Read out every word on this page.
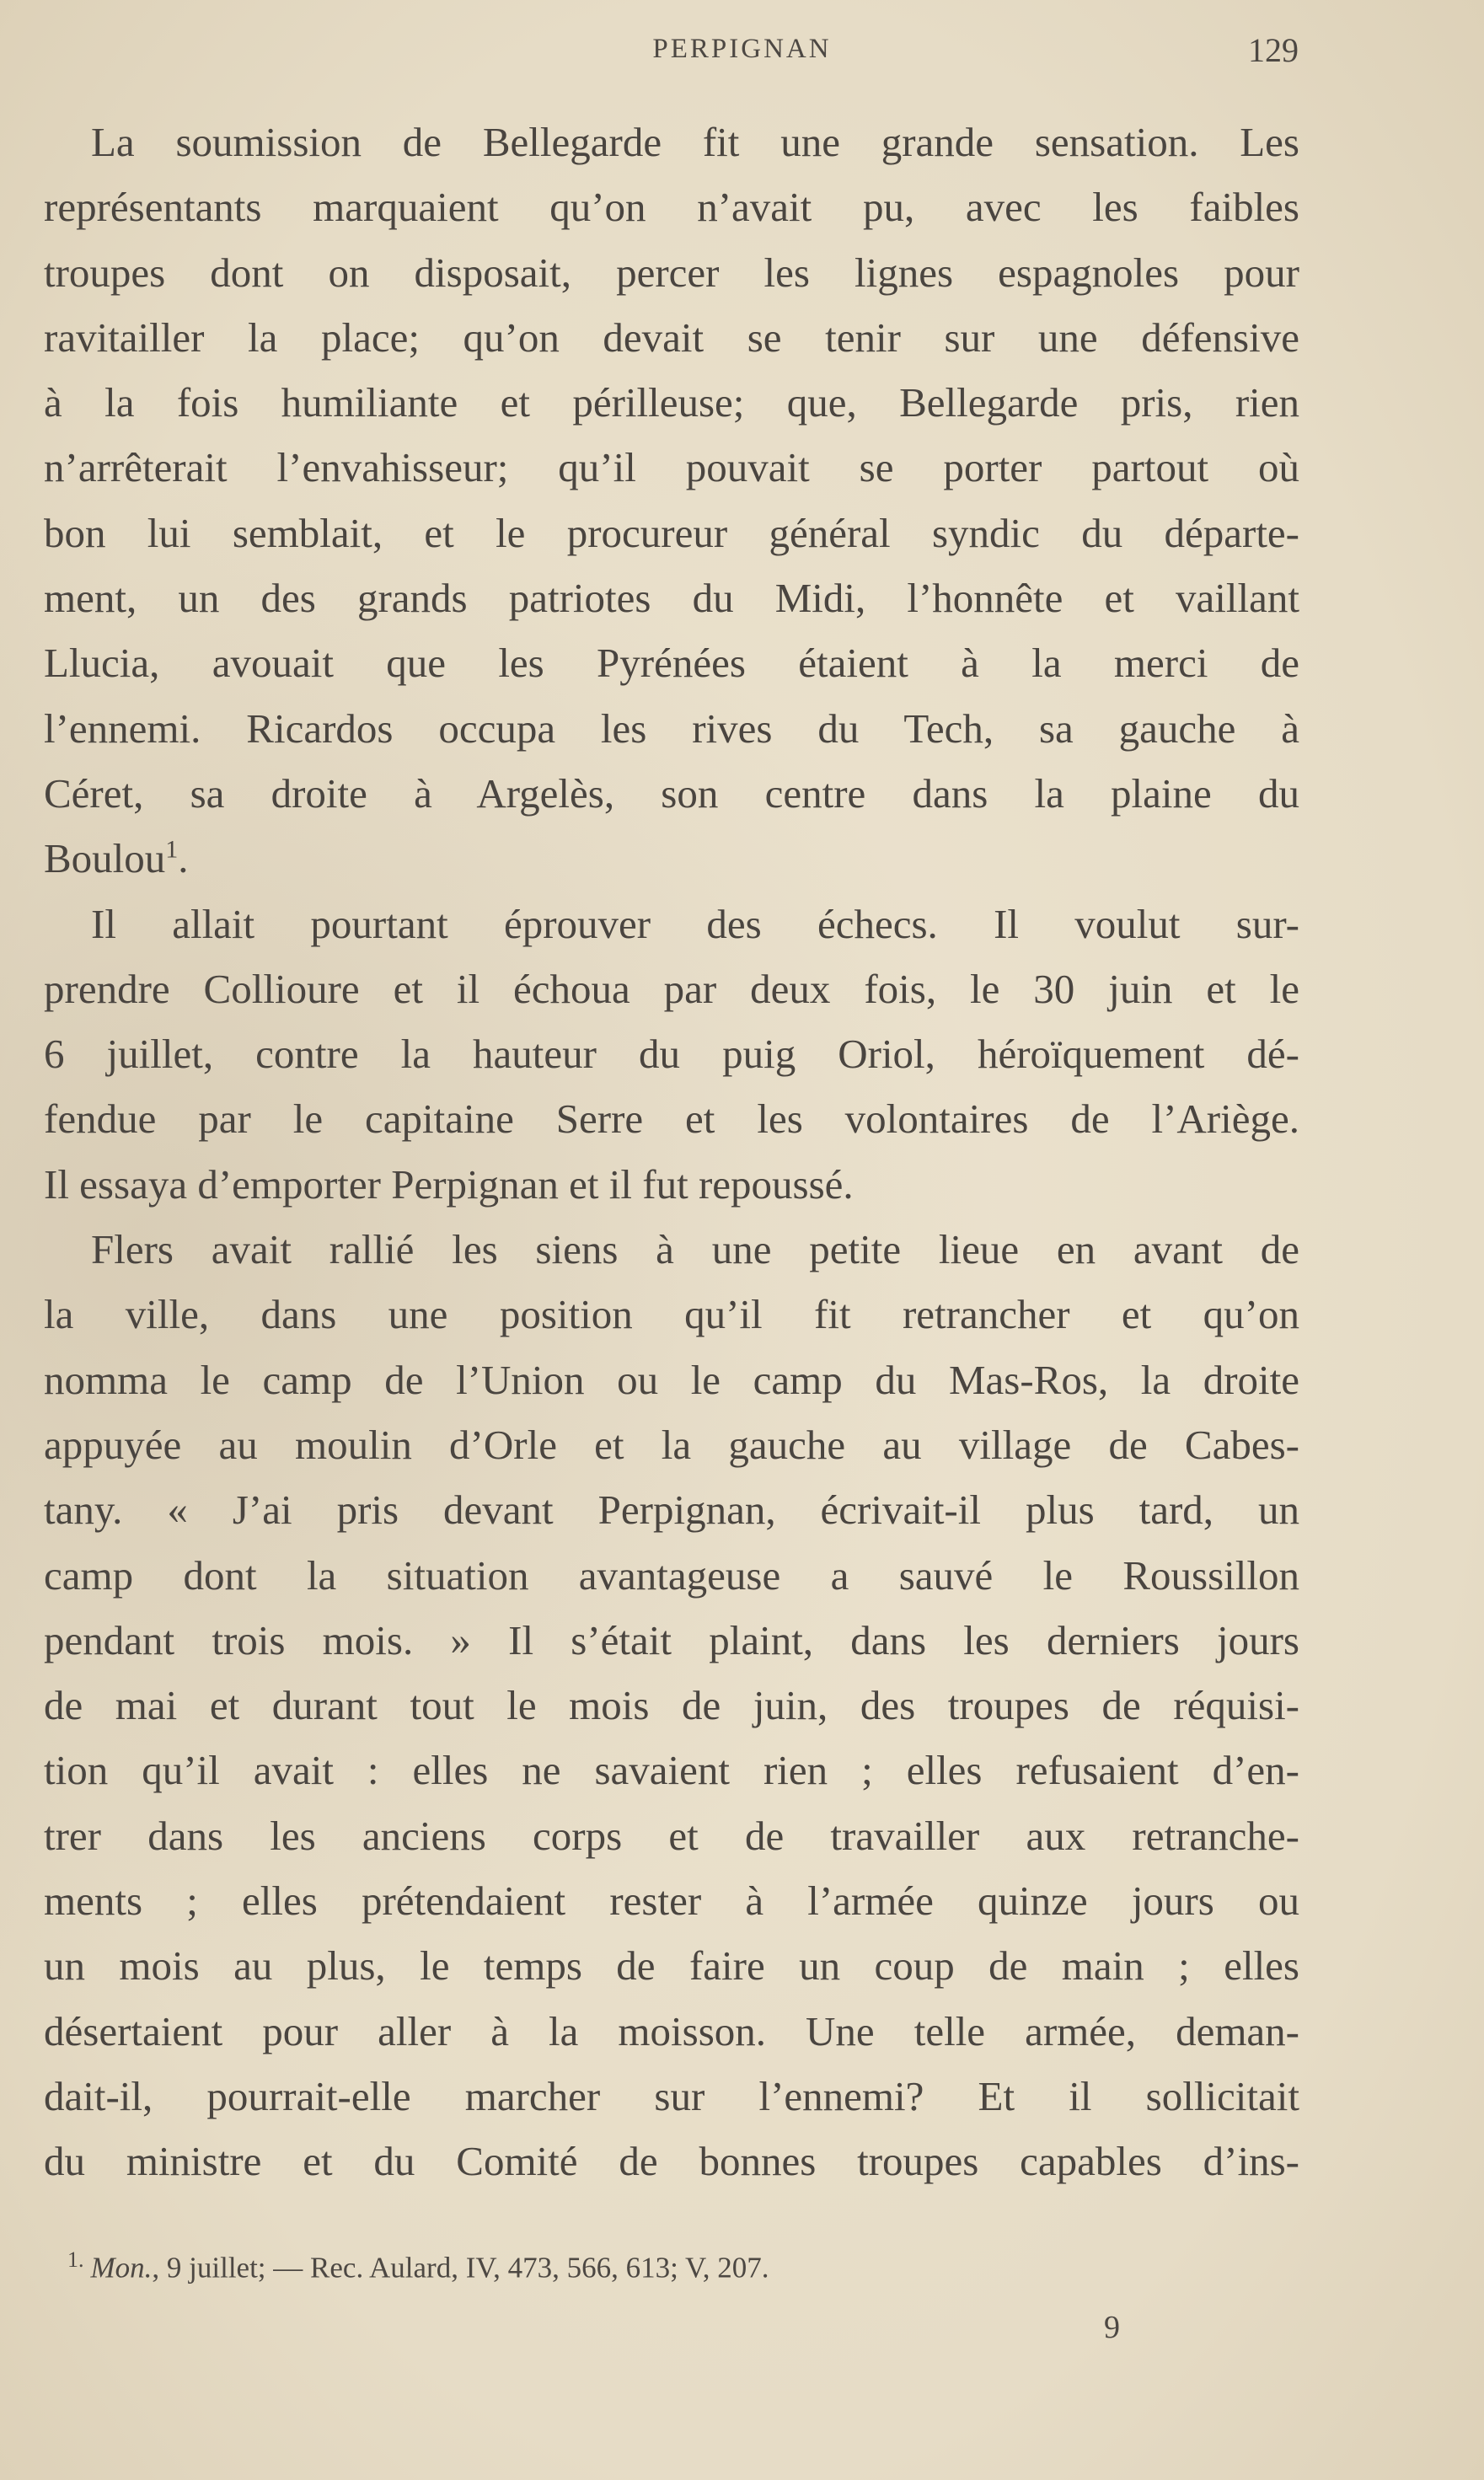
PERPIGNAN	129
La soumission de Bellegarde fit une grande sensation. Les
représentants marquaient qu’on n’avait pu, avec les faibles
troupes dont on disposait, percer les lignes espagnoles pour
ravitailler la place; qu’on devait se tenir sur une défensive
à la fois humiliante et périlleuse; que, Bellegarde pris, rien
n’arrêterait l’envahisseur; qu’il pouvait se porter partout où
bon lui semblait, et le procureur général syndic du départe-
ment, un des grands patriotes du Midi, l’honnête et vaillant
Llucia, avouait que les Pyrénées étaient à la merci de
l’ennemi. Ricardos occupa les rives du Tech, sa gauche à
Céret, sa droite à Argelès, son centre dans la plaine du
Boulou$^1$.
Il allait pourtant éprouver des échecs. Il voulut sur-
prendre Collioure et il échoua par deux fois, le 30 juin et le
6 juillet, contre la hauteur du puig Oriol, héroïquement dé-
fendue par le capitaine Serre et les volontaires de l’Ariège.
Il essaya d’emporter Perpignan et il fut repoussé.
Flers avait rallié les siens à une petite lieue en avant de
la ville, dans une position qu’il fit retrancher et qu’on
nomma le camp de l’Union ou le camp du Mas-Ros, la droite
appuyée au moulin d’Orle et la gauche au village de Cabes-
tany. « J’ai pris devant Perpignan, écrivait-il plus tard, un
camp dont la situation avantageuse a sauvé le Roussillon
pendant trois mois. » Il s’était plaint, dans les derniers jours
de mai et durant tout le mois de juin, des troupes de réquisi-
tion qu’il avait : elles ne savaient rien ; elles refusaient d’en-
trer dans les anciens corps et de travailler aux retranche-
ments ; elles prétendaient rester à l’armée quinze jours ou
un mois au plus, le temps de faire un coup de main ; elles
désertaient pour aller à la moisson. Une telle armée, deman-
dait-il, pourrait-elle marcher sur l’ennemi? Et il sollicitait
du ministre et du Comité de bonnes troupes capables d’ins-
$^{1.}$ Mon., 9 juillet; — Rec. Aulard, IV, 473, 566, 613; V, 207.
9
